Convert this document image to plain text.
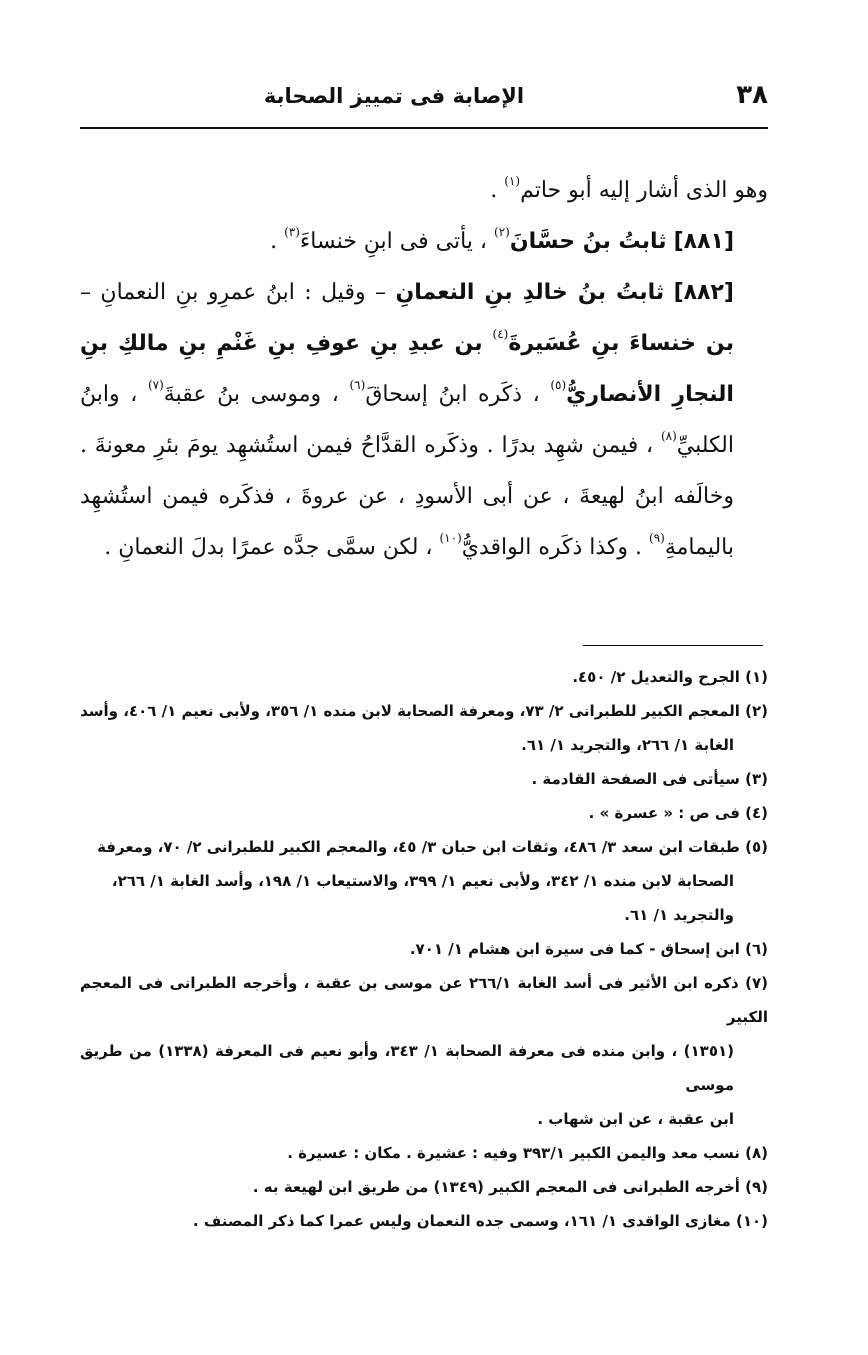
٣٨
الإصابة فى تمييز الصحابة

وهو الذى أشار إليه أبو حاتم$^{(١)}$ .

[٨٨١] ثابتُ بنُ حسَّانَ$^{(٢)}$ ، يأتى فى ابنِ خنساءَ$^{(٣)}$ .

[٨٨٢] ثابتُ بنُ خالدِ بنِ النعمانِ – وقيل : ابنُ عمرِو بنِ النعمانِ – بن خنساءَ بنِ عُسَيرةَ$^{(٤)}$ بن عبدِ بنِ عوفِ بنِ غَنْمِ بنِ مالكِ بنِ النجارِ الأنصاريُّ$^{(٥)}$ ، ذكَره ابنُ إسحاقَ$^{(٦)}$ ، وموسى بنُ عقبةَ$^{(٧)}$ ، وابنُ الكلبيِّ$^{(٨)}$ ، فيمن شهِد بدرًا . وذكَره القدَّاحُ فيمن استُشهِد يومَ بئرِ معونةَ . وخالَفه ابنُ لهيعةَ ، عن أبى الأسودِ ، عن عروةَ ، فذكَره فيمن استُشهِد باليمامةِ$^{(٩)}$ . وكذا ذكَره الواقديُّ$^{(١٠)}$ ، لكن سمَّى جدَّه عمرًا بدلَ النعمانِ .

(١) الجرح والتعديل ٢/ ٤٥٠.

(٢) المعجم الكبير للطبرانى ٢/ ٧٣، ومعرفة الصحابة لابن منده ١/ ٣٥٦، ولأبى نعيم ١/ ٤٠٦، وأسد

الغابة ١/ ٢٦٦، والتجريد ١/ ٦١.

(٣) سيأتى فى الصفحة القادمة .

(٤) فى ص : « عسرة » .

(٥) طبقات ابن سعد ٣/ ٤٨٦، وثقات ابن حبان ٣/ ٤٥، والمعجم الكبير للطبرانى ٢/ ٧٠، ومعرفة

الصحابة لابن منده ١/ ٣٤٢، ولأبى نعيم ١/ ٣٩٩، والاستيعاب ١/ ١٩٨، وأسد الغابة ١/ ٢٦٦،

والتجريد ١/ ٦١.

(٦) ابن إسحاق - كما فى سيرة ابن هشام ١/ ٧٠١.

(٧) ذكره ابن الأثير فى أسد الغابة ٢٦٦/١ عن موسى بن عقبة ، وأخرجه الطبرانى فى المعجم الكبير

(١٣٥١) ، وابن منده فى معرفة الصحابة ١/ ٣٤٣، وأبو نعيم فى المعرفة (١٣٣٨) من طريق موسى

ابن عقبة ، عن ابن شهاب .

(٨) نسب معد واليمن الكبير ٣٩٣/١ وفيه : عشيرة . مكان : عسيرة .

(٩) أخرجه الطبرانى فى المعجم الكبير (١٣٤٩) من طريق ابن لهيعة به .

(١٠) مغازى الواقدى ١/ ١٦١، وسمى جده النعمان وليس عمرا كما ذكر المصنف .
